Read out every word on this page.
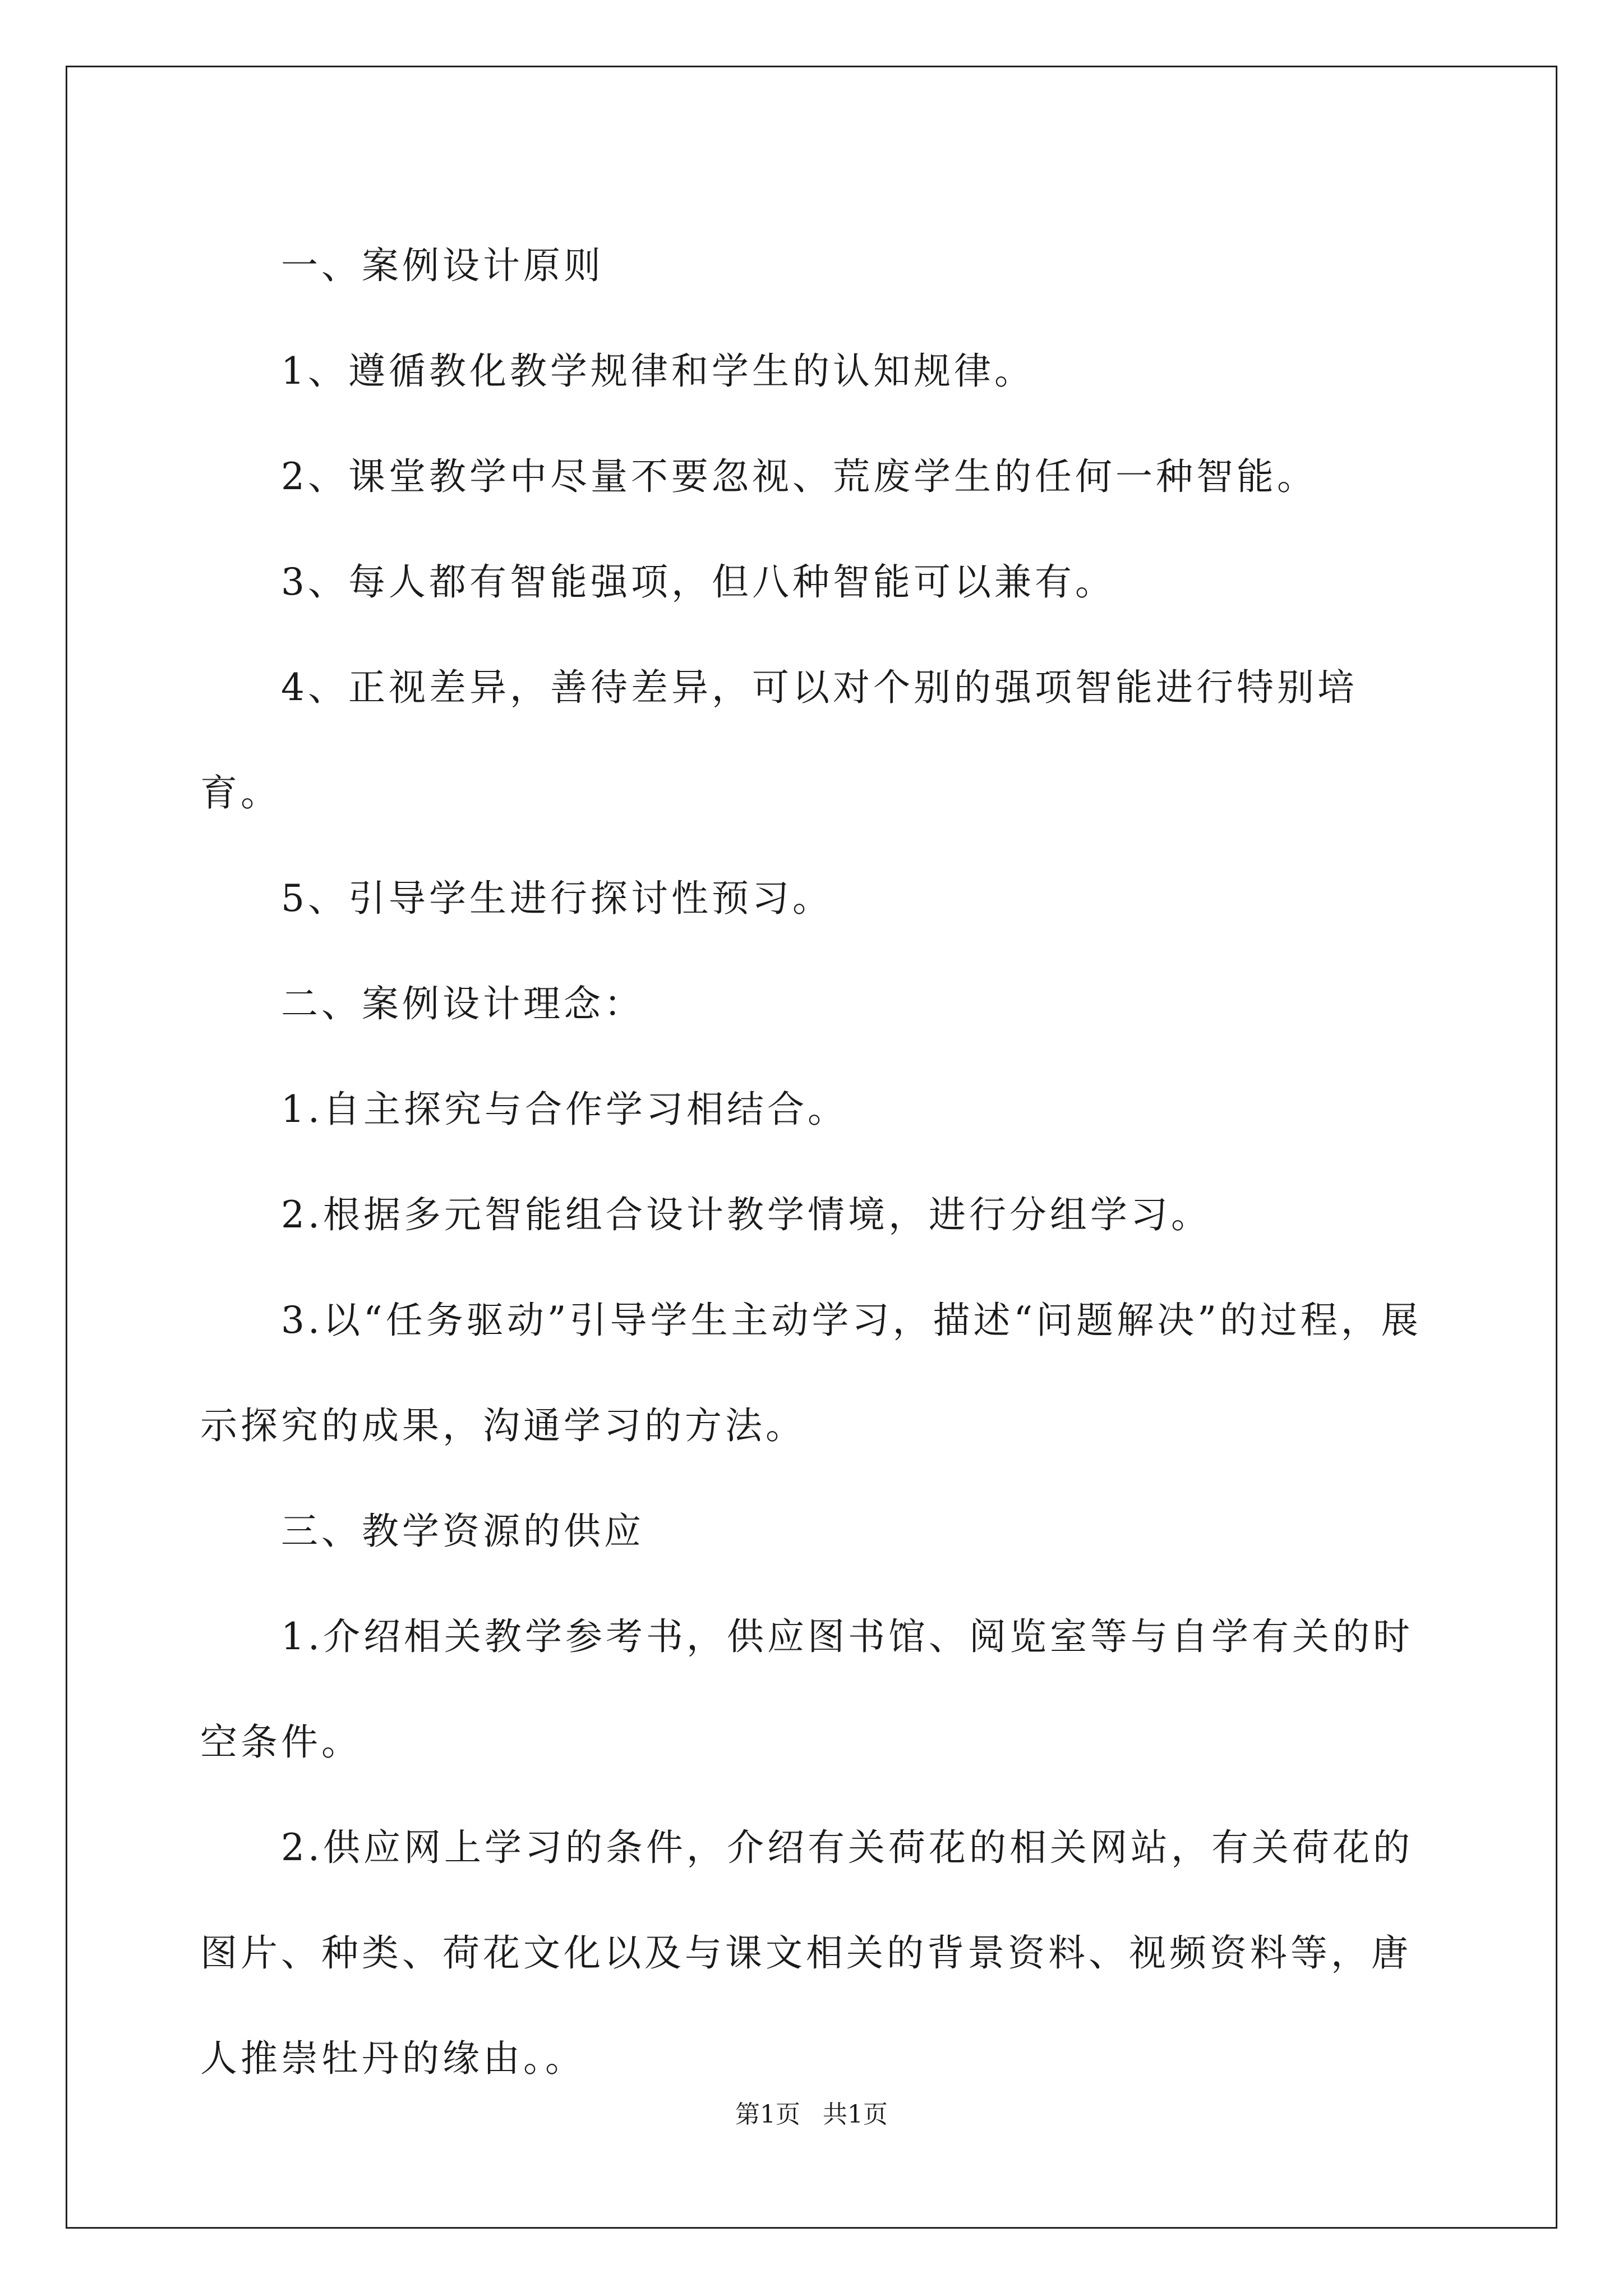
一、案例设计原则

1、遵循教化教学规律和学生的认知规律。

2、课堂教学中尽量不要忽视、荒废学生的任何一种智能。

3、每人都有智能强项，但八种智能可以兼有。

4、正视差异，善待差异，可以对个别的强项智能进行特别培育。

5、引导学生进行探讨性预习。

二、案例设计理念：

1.自主探究与合作学习相结合。

2.根据多元智能组合设计教学情境，进行分组学习。

3.以“任务驱动”引导学生主动学习，描述“问题解决”的过程，展示探究的成果，沟通学习的方法。

三、教学资源的供应

1.介绍相关教学参考书，供应图书馆、阅览室等与自学有关的时空条件。

2.供应网上学习的条件，介绍有关荷花的相关网站，有关荷花的图片、种类、荷花文化以及与课文相关的背景资料、视频资料等，唐人推崇牡丹的缘由。。

第1页 共1页
